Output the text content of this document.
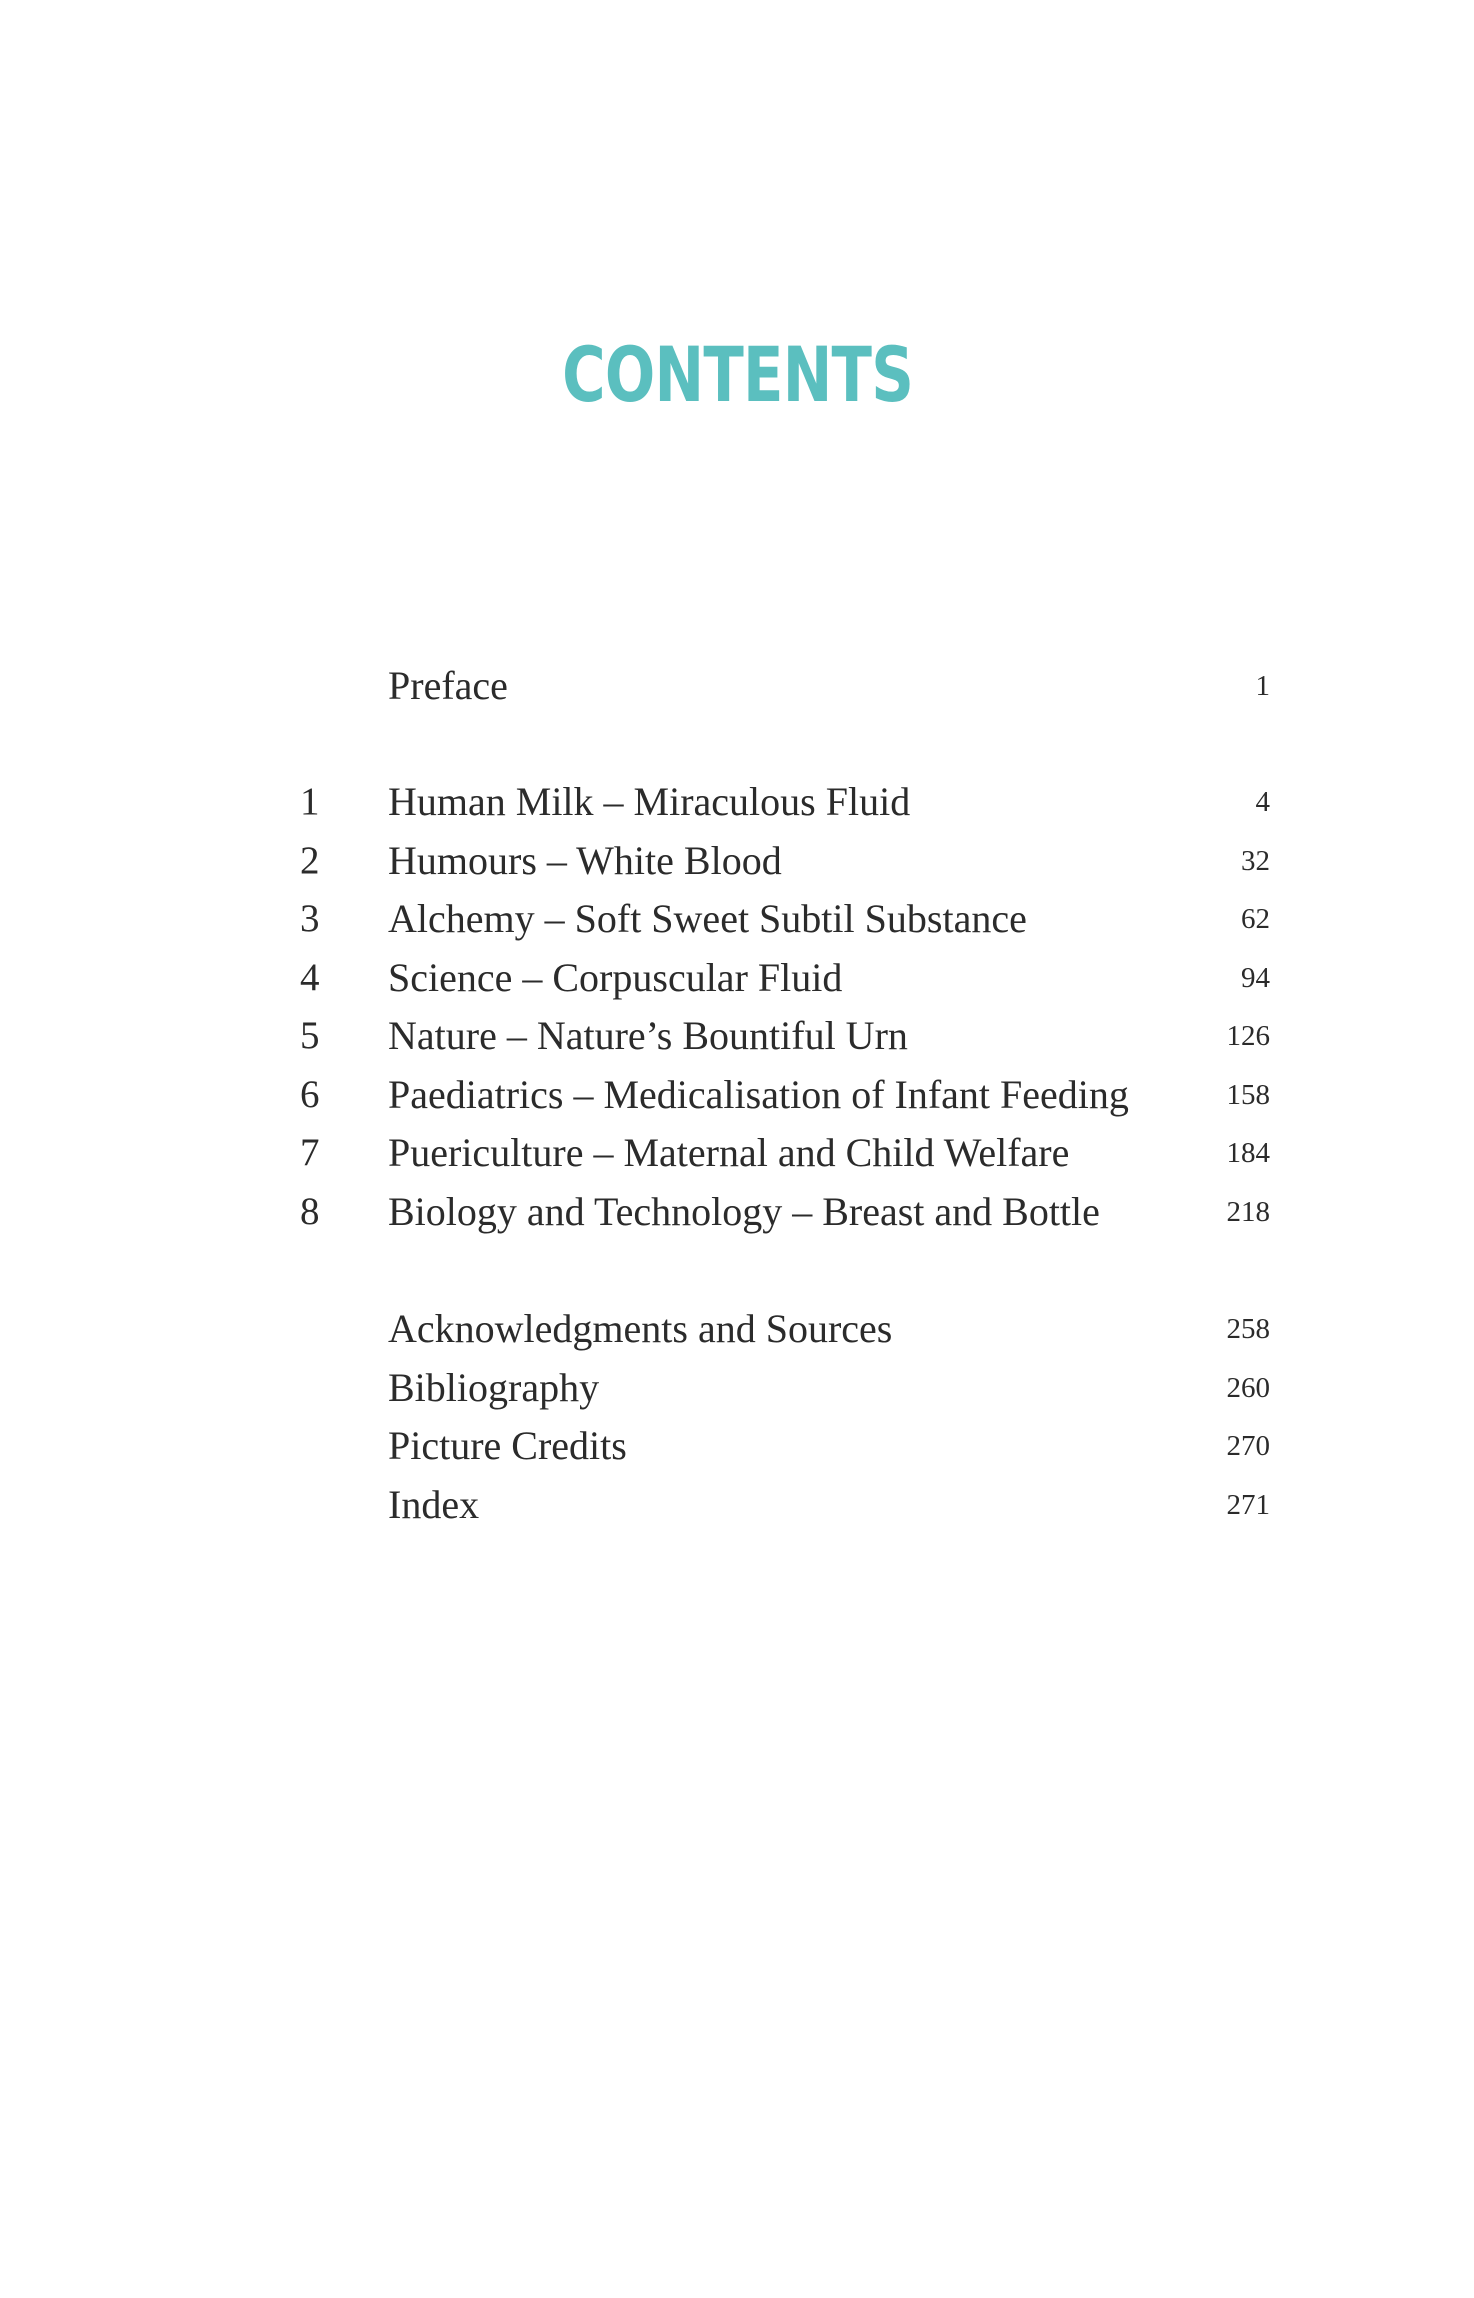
CONTENTS
Preface	1
1	Human Milk – Miraculous Fluid	4
2	Humours – White Blood	32
3	Alchemy – Soft Sweet Subtil Substance	62
4	Science – Corpuscular Fluid	94
5	Nature – Nature’s Bountiful Urn	126
6	Paediatrics – Medicalisation of Infant Feeding	158
7	Puericulture – Maternal and Child Welfare	184
8	Biology and Technology – Breast and Bottle	218
Acknowledgments and Sources	258
Bibliography	260
Picture Credits	270
Index	271
